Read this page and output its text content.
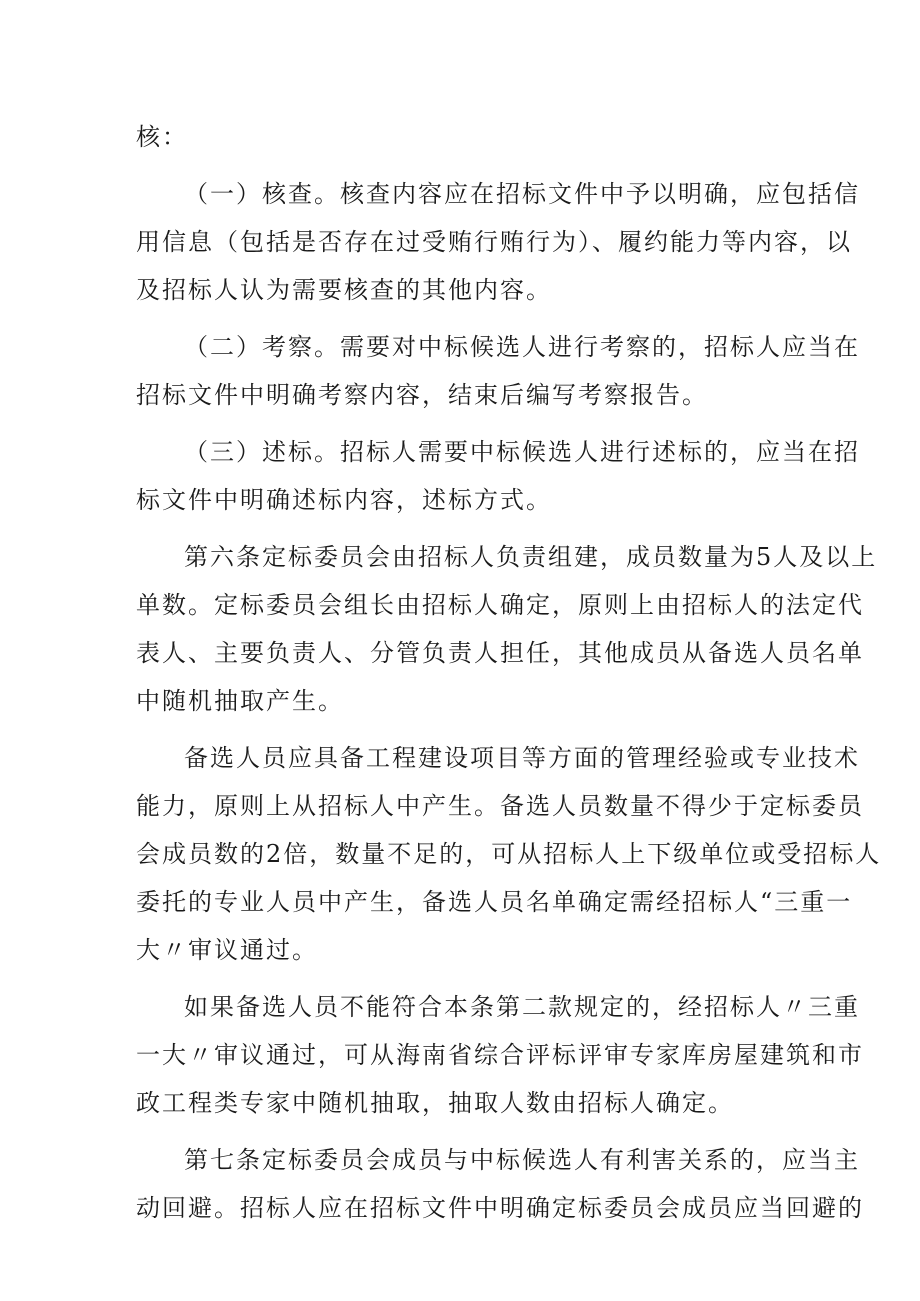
核：
（一）核查。核查内容应在招标文件中予以明确，应包括信
用信息（包括是否存在过受贿行贿行为）、履约能力等内容，以
及招标人认为需要核查的其他内容。
（二）考察。需要对中标候选人进行考察的，招标人应当在
招标文件中明确考察内容，结束后编写考察报告。
（三）述标。招标人需要中标候选人进行述标的，应当在招
标文件中明确述标内容，述标方式。
第六条定标委员会由招标人负责组建，成员数量为5人及以上
单数。定标委员会组长由招标人确定，原则上由招标人的法定代
表人、主要负责人、分管负责人担任，其他成员从备选人员名单
中随机抽取产生。
备选人员应具备工程建设项目等方面的管理经验或专业技术
能力，原则上从招标人中产生。备选人员数量不得少于定标委员
会成员数的2倍，数量不足的，可从招标人上下级单位或受招标人
委托的专业人员中产生，备选人员名单确定需经招标人“三重一
大〃审议通过。
如果备选人员不能符合本条第二款规定的，经招标人〃三重
一大〃审议通过，可从海南省综合评标评审专家库房屋建筑和市
政工程类专家中随机抽取，抽取人数由招标人确定。
第七条定标委员会成员与中标候选人有利害关系的，应当主
动回避。招标人应在招标文件中明确定标委员会成员应当回避的
